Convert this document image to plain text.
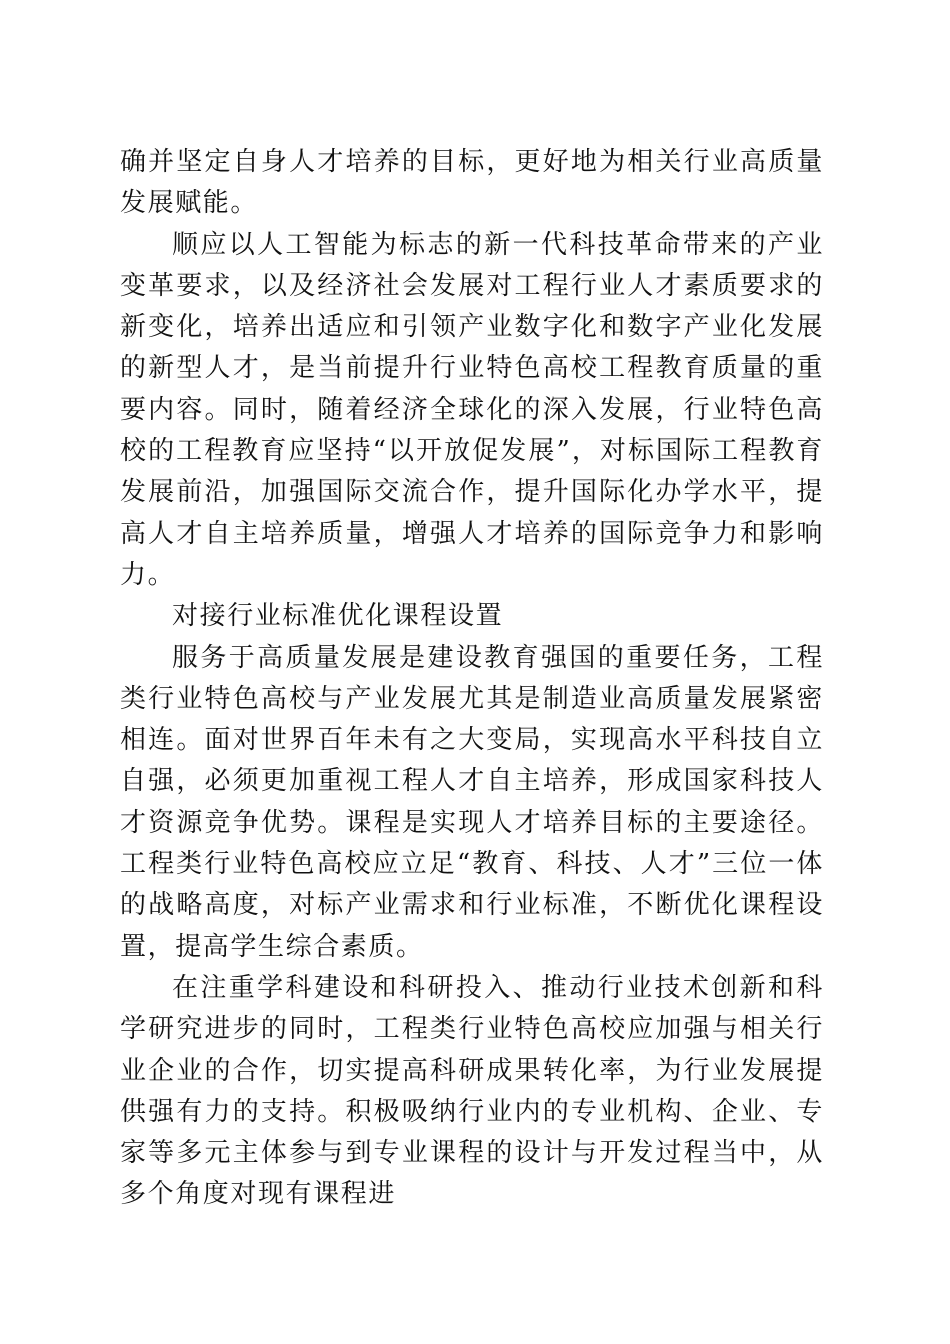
确并坚定自身人才培养的目标，更好地为相关行业高质量发展赋能。

顺应以人工智能为标志的新一代科技革命带来的产业变革要求，以及经济社会发展对工程行业人才素质要求的新变化，培养出适应和引领产业数字化和数字产业化发展的新型人才，是当前提升行业特色高校工程教育质量的重要内容。同时，随着经济全球化的深入发展，行业特色高校的工程教育应坚持“以开放促发展”，对标国际工程教育发展前沿，加强国际交流合作，提升国际化办学水平，提高人才自主培养质量，增强人才培养的国际竞争力和影响力。

对接行业标准优化课程设置

服务于高质量发展是建设教育强国的重要任务，工程类行业特色高校与产业发展尤其是制造业高质量发展紧密相连。面对世界百年未有之大变局，实现高水平科技自立自强，必须更加重视工程人才自主培养，形成国家科技人才资源竞争优势。课程是实现人才培养目标的主要途径。工程类行业特色高校应立足“教育、科技、人才”三位一体的战略高度，对标产业需求和行业标准，不断优化课程设置，提高学生综合素质。

在注重学科建设和科研投入、推动行业技术创新和科学研究进步的同时，工程类行业特色高校应加强与相关行业企业的合作，切实提高科研成果转化率，为行业发展提供强有力的支持。积极吸纳行业内的专业机构、企业、专家等多元主体参与到专业课程的设计与开发过程当中，从多个角度对现有课程进
